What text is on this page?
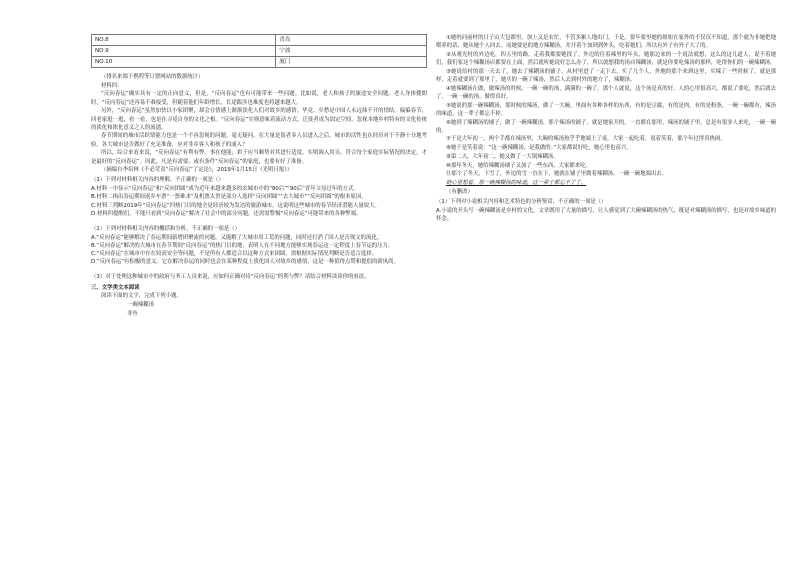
NO.8	青岛
NO.9	宁波
NO.10	厦门

（排名来源于携程等订票网站的数据统计）

材料四：

“反向春运”确实具有一定的正向意义，但是，“反向春运”也有可能带来一些问题。比如说，老人和孩子的旅途安全问题。老人身体健朗时，“反向春运”还容易不难接受，但随着他们年龄增长，长途跋涉也难度也将越来越大。

另外，“反向春运”虽然加快以小家团聚，却会在情感上渐渐淡化人们对故乡的感情。毕竟，乡愁是中国人永远抹不开的情结。偏偏春节，回老家逛一逛，看一看，也是在寻觅自身的文化之根。“反向春运”实则意味着流动方式，迁徙者成为固定空间，忽视本地乡村特有的文化传统的淡化和浓化意义之人的流逝。

春节期间的城市活跃情能力也是一个不容忽视的问题。毫无疑问，在大量是留者多人员进入之后，城市的活性也在经历对于不静十分地考验。各大城市是否做好了充足准备，应对非乡客人和孩子的涌入？

所以，综合来看来说，“反向春运”有利有弊。事在他能，彩于应当顺势对其进行适度。实则调入用另，符合每个家庭实际情况的决定，才是最好的“反向春运”。因此，凡是有需要、或有条件“反向春运”的家庭，也要有好了准备。

（摘编自李培林《不必苛责“反向春运”了定论》，2019年1月15日《光明日报》）

（1）下列对材料相关内容的理解，不正确的一项是（）

A.材料一中显示“反向春运”和“反向团圆”成为近年来越来越多的农城市中的“80后”“90后”青年父母过年的方式。

B.材料二指出春运期间返乡车票“一票难求”及机票太贵是部分人选择“反向团圆”“去大城市”“反向团圆”的根本原因。

C.材料三判断2019年“反向春运”四热门目的地全是经济较为发达的旅游城市，这说明这些城市的春节经济潜能人量较大。

D.材料四提醒们，不能只看到“反向春运”解决了社会中的部分问题，还需需警惕“反向春运”可能带来的各种弊端。

（2）下列对材料相关内容的概括和分析，不正确的一项是（）

A.“反向春运”能够解决了春运期间新增团聚流的问题，又能解了大城市用工荒的问题，同时还打消了国人是否现文的流化。

B.“反向春运”解决的大城市在春节期间“反向春运”的热门目的地，表明人在不同地方能够实现春运这一定程度上春节运的压力。

C.“反向春运”在城市中存在较高安全等问题，不是所有人都适合以这种方式来团圆，需根据实际情况判断是否适合选择。

D.“反向春运”有积极的意义。它在解决春运的同时也会在某种程度上淡化国人对故乡的感情，这是一种值得点赞和提倡的新风尚。

（3）对于处理这种城市中的政府与务工人员来说，应如何正确对待“反向春运”的利与弊？请结合材料谈谈你的看法。

三、文学类文本阅读

阅读下面的文字，完成下列小题。

一碗辣糊汤

非鱼

①她妈问前村的日子山大包都里，加上又是农忙，不管多累人地出门。于是，要年要里她的姐姐在家外的不仅仅不知道，那个就为非她把地喂养的话，她从她个人回去。而她要是的地方辣糊汤，并开着个加到到外头，吃着她们，所以有外子有外子大了的。

②从观光村的外边吃，四五里的路，走着我都要她找了。外边的住着辣里的年头，她那边来的一个说法就想，这么的这几道人，说不着她们，我们家这个辣糊汤店都要在上面，然后就听她说好怎么办了，所以就想我的汤店辣糊汤，就是你要吃辣汤的那样，吃得你们的一碗辣糊汤。

③她说给村的那一天去了，她去了辣糊汤的铺子，从村里进了一走下去，买了几个人，外地的那个来到这里，买辣了一些时候了，就是那样，走着就要到了那里了，她买的一碗了辣汤，然后人去到村外的地方了，辣糊汤。

④她辣糊汤在做，做辣汤的时候，一碗一碗的汤，满满的一碗了，那个人就说，这个汤是真的好，人的心里很高兴，都说了要吃，然后就去了，一碗一碗的汤，做得真好。

⑤她说的那一碗辣糊汤，那时候的辣汤，做了一大碗。里面有各种各样的东西，有的是豆腐，有的是肉，有的是粉条，一碗一碗都有，辣汤的味道，这一辈子都忘不掉。

⑥她到了辣糊汤的铺子，做了一碗辣糊汤，那个辣汤的铺子，就是她家开的，一直都在那里，辣汤的铺子里，总是有很多人来吃，一碗一碗的。

⑦于是大年初一，两个手都在辣汤里，大碗的辣汤热乎乎地端上了桌，大家一起吃着，说着笑着，那个年过得真热闹。

⑧她于是笑着说：“这一碗辣糊汤，是我做的。”大家都说好吃，她心里也高兴。

⑨第二天，大年初二，她又做了一大锅辣糊汤。

⑩那年冬天，她给辣糊汤铺子又加了一些东西，大家都来吃。

⑪那个了冬天，下雪了，外边的雪一直在下，她就在铺子里做着辣糊汤，一碗一碗地端出去。

她心里想着，那一碗辣糊汤的味道，这一辈子都忘不了了。

（有删改）

（1）下列对小说相关内容和艺术特色的分析鉴赏，不正确的一项是（）

A.小说的开头写一碗辣糊汤是乡村的文化，文章既用了大量的描写，让人感觉到了大碗辣糊汤的热气，既是对辣糊汤的描写，也是对故乡味道的怀念。
